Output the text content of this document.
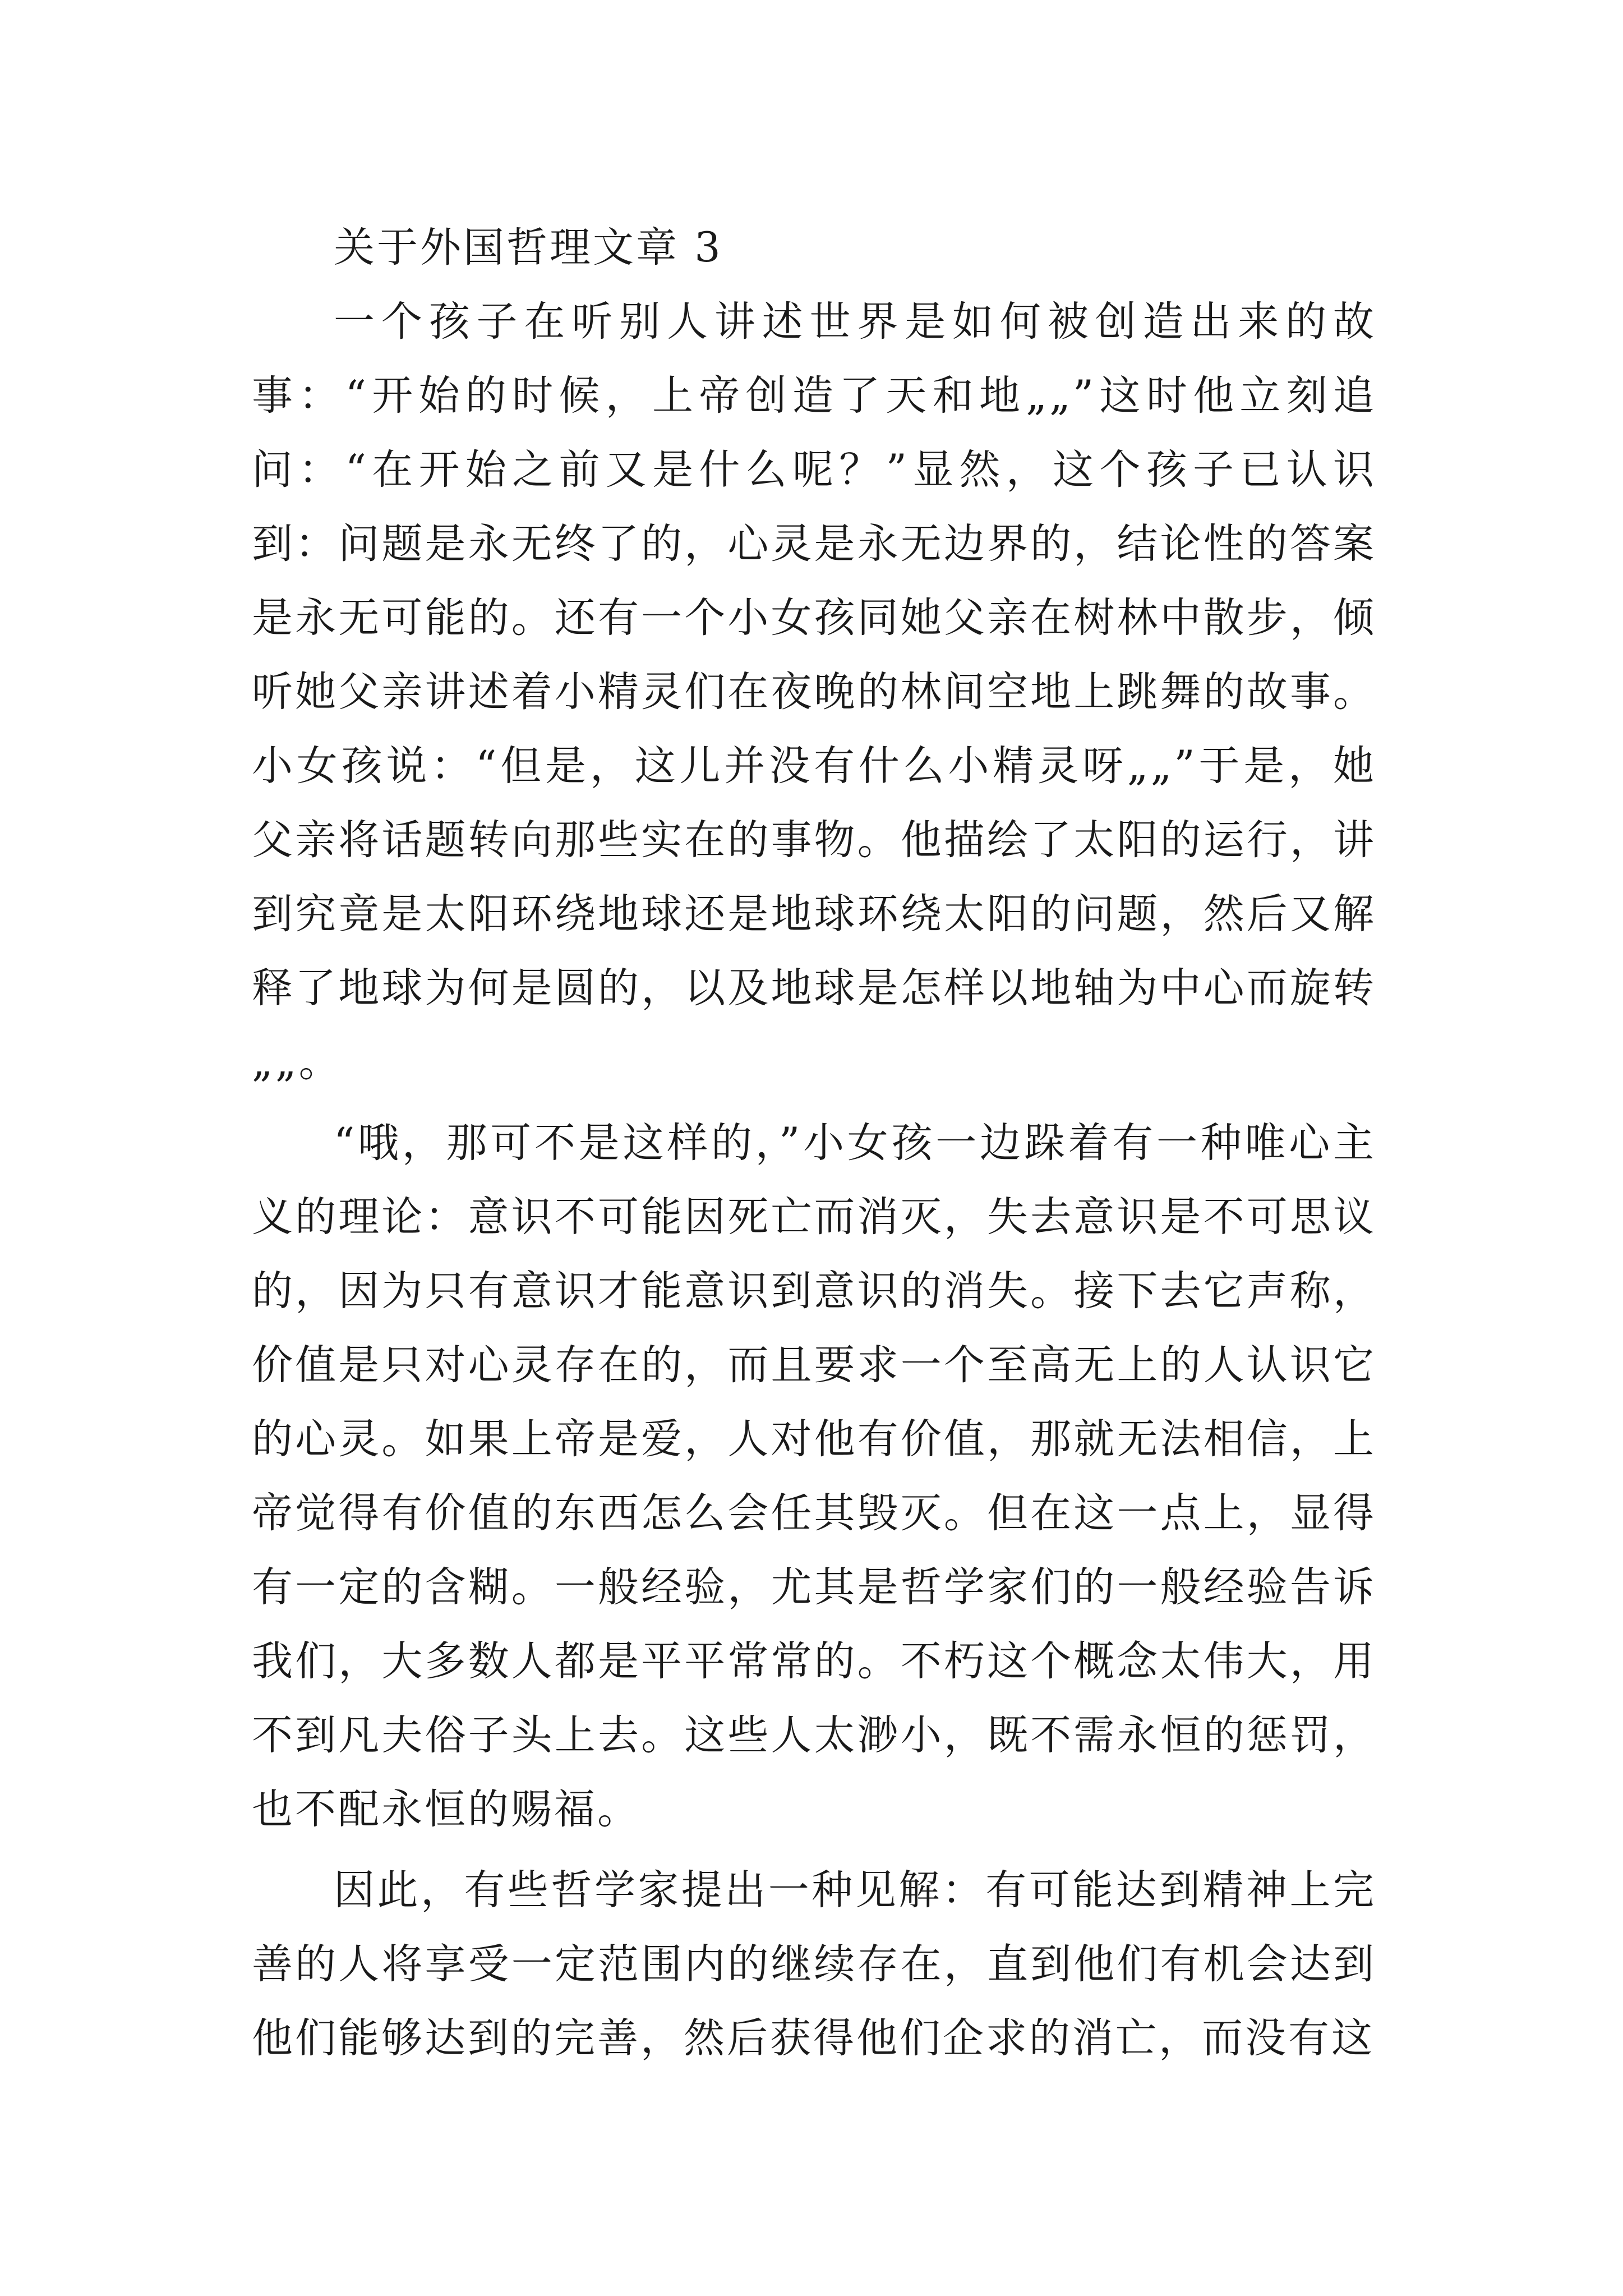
关于外国哲理文章 3

一个孩子在听别人讲述世界是如何被创造出来的故事：“开始的时候，上帝创造了天和地„„”这时他立刻追问：“在开始之前又是什么呢？”显然，这个孩子已认识到：问题是永无终了的，心灵是永无边界的，结论性的答案是永无可能的。还有一个小女孩同她父亲在树林中散步，倾听她父亲讲述着小精灵们在夜晚的林间空地上跳舞的故事。小女孩说：“但是，这儿并没有什么小精灵呀„„”于是，她父亲将话题转向那些实在的事物。他描绘了太阳的运行，讲到究竟是太阳环绕地球还是地球环绕太阳的问题，然后又解释了地球为何是圆的，以及地球是怎样以地轴为中心而旋转„„。

“哦，那可不是这样的，”小女孩一边跺着有一种唯心主义的理论：意识不可能因死亡而消灭，失去意识是不可思议的，因为只有意识才能意识到意识的消失。接下去它声称，价值是只对心灵存在的，而且要求一个至高无上的人认识它的心灵。如果上帝是爱，人对他有价值，那就无法相信，上帝觉得有价值的东西怎么会任其毁灭。但在这一点上，显得有一定的含糊。一般经验，尤其是哲学家们的一般经验告诉我们，大多数人都是平平常常的。不朽这个概念太伟大，用不到凡夫俗子头上去。这些人太渺小，既不需永恒的惩罚，也不配永恒的赐福。

因此，有些哲学家提出一种见解：有可能达到精神上完善的人将享受一定范围内的继续存在，直到他们有机会达到他们能够达到的完善，然后获得他们企求的消亡，而没有这
